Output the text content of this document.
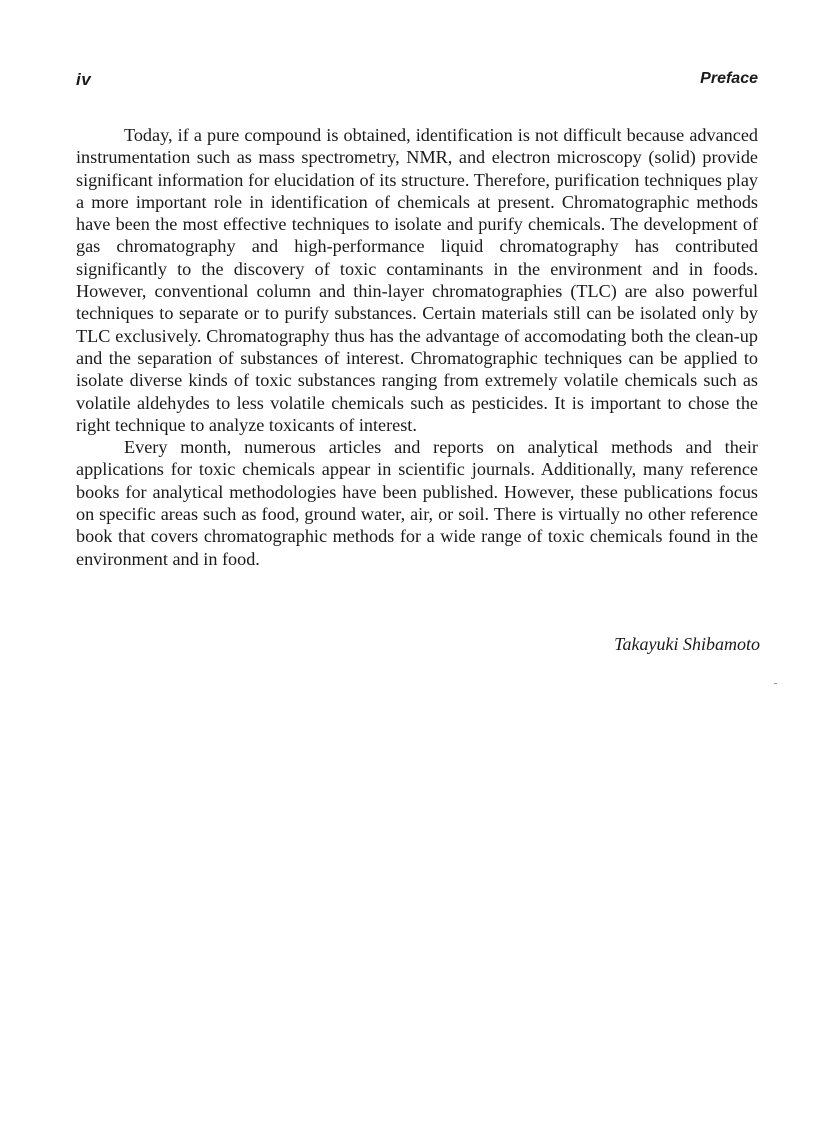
iv	Preface

Today, if a pure compound is obtained, identification is not difficult because advanced instrumentation such as mass spectrometry, NMR, and electron microscopy (solid) provide significant information for elucidation of its structure. Therefore, purification techniques play a more important role in identification of chemicals at present. Chromatographic methods have been the most effective techniques to isolate and purify chemicals. The development of gas chromatography and high-performance liquid chromatography has contributed significantly to the discovery of toxic contaminants in the environment and in foods. However, conventional column and thin-layer chromatographies (TLC) are also powerful techniques to separate or to purify substances. Certain materials still can be isolated only by TLC exclusively. Chromatography thus has the advantage of accomodating both the clean-up and the separation of substances of interest. Chromatographic techniques can be applied to isolate diverse kinds of toxic substances ranging from extremely volatile chemicals such as volatile aldehydes to less volatile chemicals such as pesticides. It is important to chose the right technique to analyze toxicants of interest.

Every month, numerous articles and reports on analytical methods and their applications for toxic chemicals appear in scientific journals. Additionally, many reference books for analytical methodologies have been published. However, these publications focus on specific areas such as food, ground water, air, or soil. There is virtually no other reference book that covers chromatographic methods for a wide range of toxic chemicals found in the environment and in food.

Takayuki Shibamoto
